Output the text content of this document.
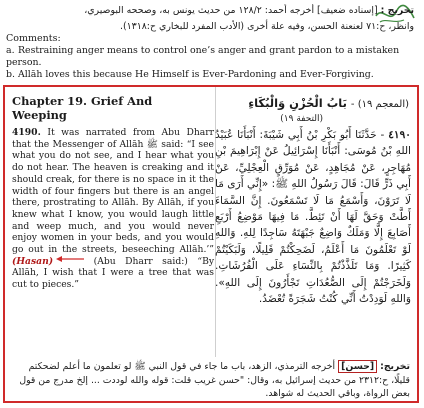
تخريج : [إسناده ضعيف] أخرجه أحمد: ١٢٨/٢ من حديث يونس به، وصححه البوصيري،
وانظر، ح:٧١ لعنعنة الحسن، وفيه علة أخرى (الأدب المفرد للبخاري ح:١٣١٨).
Comments:
a. Restraining anger means to control one’s anger and grant pardon to a mistaken person.
b. Allāh loves this because He Himself is Ever-Pardoning and Ever-Forgiving.
Chapter 19. Grief And Weeping
(المعجم ١٩) - بَابُ الْحُزْنِ وَالْبُكَاءِ
(التحفة ١٩)
4190. It was narrated from Abu Dharr that the Messenger of Allāh ﷺ said: “I see what you do not see, and I hear what you do not hear. The heaven is creaking and it should creak, for there is no space in it the width of four fingers but there is an angel there, prostrating to Allāh. By Allāh, if you knew what I know, you would laugh little and weep much, and you would never enjoy women in your beds, and you would go out in the streets, beseeching Allāh.’” (Hasan)	(Abu Dharr said:) “By Allāh, I wish that I were a tree that was cut to pieces.”
٤١٩٠ - حَدَّثَنَا أَبُو بَكْرِ بْنُ أَبِي شَيْبَةَ: أَنْبَأَنَا عُبَيْدُ اللهِ بْنُ مُوسَى: أَنْبَأَنَا إِسْرَائِيلُ عَنْ إِبْرَاهِيمَ بْنِ مُهَاجِرٍ، عَنْ مُجَاهِدٍ، عَنْ مُوَرِّقٍ الْعِجْلِيِّ، عَنْ أَبِي ذَرٍّ قَالَ: قَالَ رَسُولُ اللهِ ﷺ: «إِنِّي أَرَى مَا لَا تَرَوْنَ، وَأَسْمَعُ مَا لَا تَسْمَعُونَ. إِنَّ السَّمَاءَ أَطَّتْ وَحَقَّ لَهَا أَنْ تَئِطَّ. مَا فِيهَا مَوْضِعُ أَرْبَعِ أَصَابِعَ إِلَّا وَمَلَكٌ وَاضِعٌ جَبْهَتَهُ سَاجِدًا لِلهِ. وَاللهِ لَوْ تَعْلَمُونَ مَا أَعْلَمُ، لَضَحِكْتُمْ قَلِيلًا، وَلَبَكَيْتُمْ كَثِيرًا. وَمَا تَلَذَّذْتُمْ بِالنِّسَاءِ عَلَى الْفُرُشَاتِ. وَلَخَرَجْتُمْ إِلَى الصُّعُدَاتِ تَجْأَرُونَ إِلَى اللهِ». وَاللهِ لَوَدِدْتُ أَنِّي كُنْتُ شَجَرَةً تُعْضَدُ.
تخريج: [حسن] أخرجه الترمذي، الزهد، باب ما جاء في قول النبي ﷺ لو تعلمون ما أعلم لضحكتم قليلًا، ح:٢٣١٢ من حديث إسرائيل به، وقال: "حسن غريب قلت: قوله والله لوددت ... إلخ مدرج من قول بعض الرواة، وباقي الحديث له شواهد.
